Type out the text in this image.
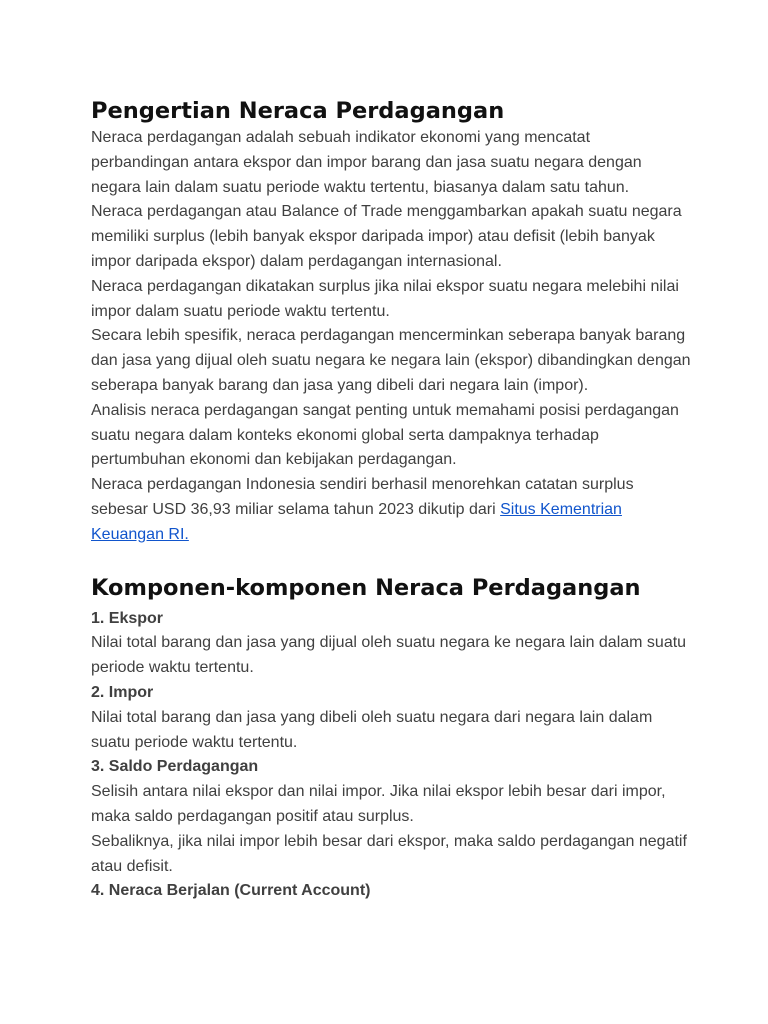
Pengertian Neraca Perdagangan

Neraca perdagangan adalah sebuah indikator ekonomi yang mencatat perbandingan antara ekspor dan impor barang dan jasa suatu negara dengan negara lain dalam suatu periode waktu tertentu, biasanya dalam satu tahun.

Neraca perdagangan atau Balance of Trade menggambarkan apakah suatu negara memiliki surplus (lebih banyak ekspor daripada impor) atau defisit (lebih banyak impor daripada ekspor) dalam perdagangan internasional.

Neraca perdagangan dikatakan surplus jika nilai ekspor suatu negara melebihi nilai impor dalam suatu periode waktu tertentu.

Secara lebih spesifik, neraca perdagangan mencerminkan seberapa banyak barang dan jasa yang dijual oleh suatu negara ke negara lain (ekspor) dibandingkan dengan seberapa banyak barang dan jasa yang dibeli dari negara lain (impor).

Analisis neraca perdagangan sangat penting untuk memahami posisi perdagangan suatu negara dalam konteks ekonomi global serta dampaknya terhadap pertumbuhan ekonomi dan kebijakan perdagangan.

Neraca perdagangan Indonesia sendiri berhasil menorehkan catatan surplus sebesar USD 36,93 miliar selama tahun 2023 dikutip dari Situs Kementrian Keuangan RI.

Komponen-komponen Neraca Perdagangan

1. Ekspor

Nilai total barang dan jasa yang dijual oleh suatu negara ke negara lain dalam suatu periode waktu tertentu.

2. Impor

Nilai total barang dan jasa yang dibeli oleh suatu negara dari negara lain dalam suatu periode waktu tertentu.

3. Saldo Perdagangan

Selisih antara nilai ekspor dan nilai impor. Jika nilai ekspor lebih besar dari impor, maka saldo perdagangan positif atau surplus.

Sebaliknya, jika nilai impor lebih besar dari ekspor, maka saldo perdagangan negatif atau defisit.

4. Neraca Berjalan (Current Account)
